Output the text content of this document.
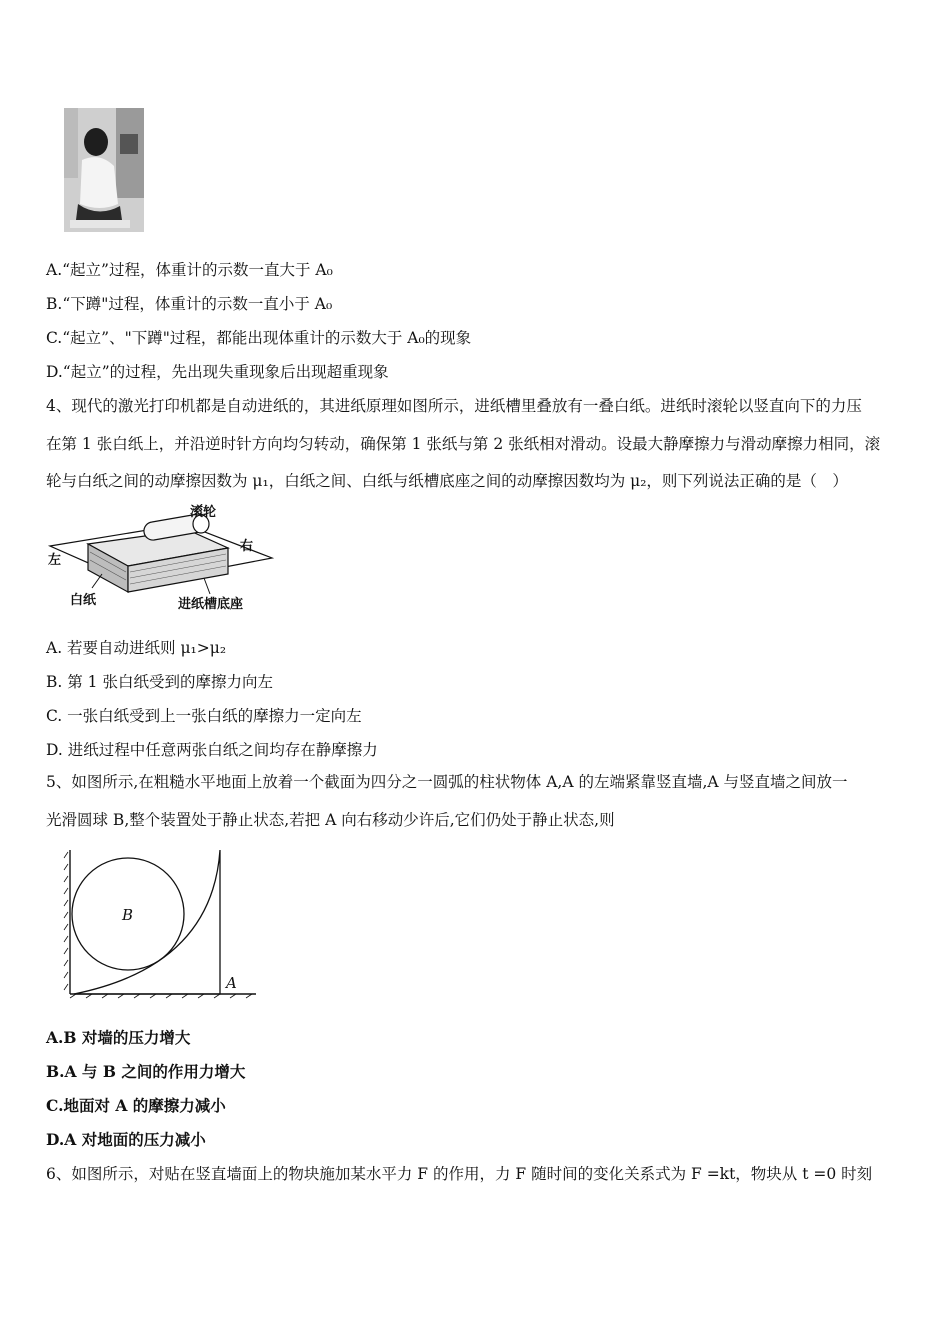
A.“起立”过程，体重计的示数一直大于 A₀
B.“下蹲"过程，体重计的示数一直小于 A₀
C.“起立”、"下蹲"过程，都能出现体重计的示数大于 A₀的现象
D.“起立”的过程，先出现失重现象后出现超重现象
4、现代的激光打印机都是自动进纸的，其进纸原理如图所示，进纸槽里叠放有一叠白纸。进纸时滚轮以竖直向下的力压
在第 1 张白纸上，并沿逆时针方向均匀转动，确保第 1 张纸与第 2 张纸相对滑动。设最大静摩擦力与滑动摩擦力相同，滚
轮与白纸之间的动摩擦因数为 μ₁，白纸之间、白纸与纸槽底座之间的动摩擦因数均为 μ₂，则下列说法正确的是（　）
滚轮
右
左
白纸	进纸槽底座
A. 若要自动进纸则 μ₁>μ₂
B. 第 1 张白纸受到的摩擦力向左
C. 一张白纸受到上一张白纸的摩擦力一定向左
D. 进纸过程中任意两张白纸之间均存在静摩擦力
5、如图所示,在粗糙水平地面上放着一个截面为四分之一圆弧的柱状物体 A,A 的左端紧靠竖直墙,A 与竖直墙之间放一
光滑圆球 B,整个装置处于静止状态,若把 A 向右移动少许后,它们仍处于静止状态,则
B
A
A.B 对墙的压力增大
B.A 与 B 之间的作用力增大
C.地面对 A 的摩擦力减小
D.A 对地面的压力减小
6、如图所示，对贴在竖直墙面上的物块施加某水平力 F 的作用，力 F 随时间的变化关系式为 F =kt，物块从 t =0 时刻
